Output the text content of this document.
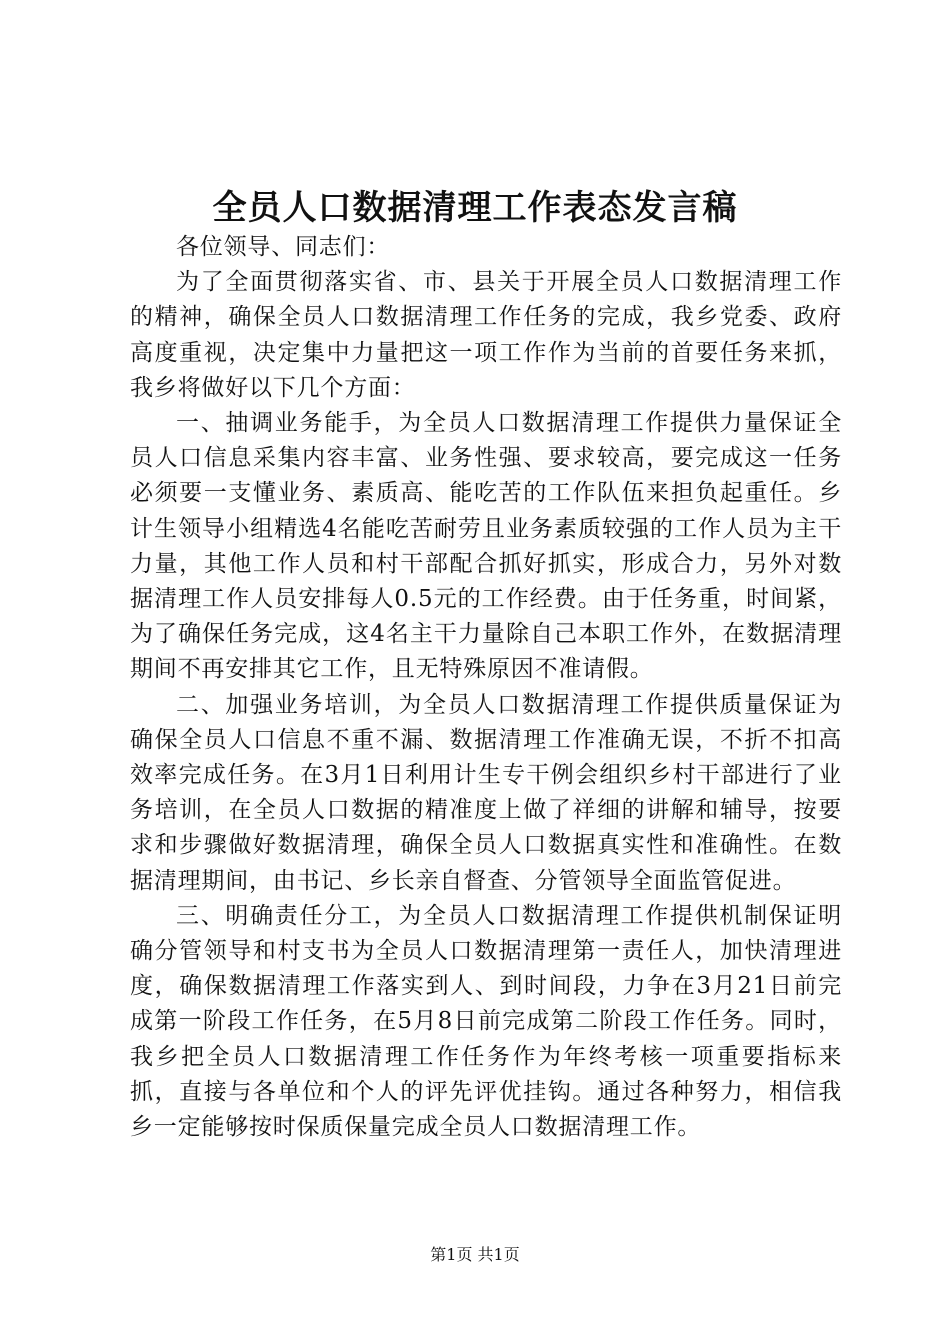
全员人口数据清理工作表态发言稿

各位领导、同志们：

为了全面贯彻落实省、市、县关于开展全员人口数据清理工作的精神，确保全员人口数据清理工作任务的完成，我乡党委、政府高度重视，决定集中力量把这一项工作作为当前的首要任务来抓，我乡将做好以下几个方面：

一、抽调业务能手，为全员人口数据清理工作提供力量保证全员人口信息采集内容丰富、业务性强、要求较高，要完成这一任务必须要一支懂业务、素质高、能吃苦的工作队伍来担负起重任。乡计生领导小组精选4名能吃苦耐劳且业务素质较强的工作人员为主干力量，其他工作人员和村干部配合抓好抓实，形成合力，另外对数据清理工作人员安排每人0.5元的工作经费。由于任务重，时间紧，为了确保任务完成，这4名主干力量除自己本职工作外，在数据清理期间不再安排其它工作，且无特殊原因不准请假。

二、加强业务培训，为全员人口数据清理工作提供质量保证为确保全员人口信息不重不漏、数据清理工作准确无误，不折不扣高效率完成任务。在3月1日利用计生专干例会组织乡村干部进行了业务培训，在全员人口数据的精准度上做了祥细的讲解和辅导，按要求和步骤做好数据清理，确保全员人口数据真实性和准确性。在数据清理期间，由书记、乡长亲自督查、分管领导全面监管促进。

三、明确责任分工，为全员人口数据清理工作提供机制保证明确分管领导和村支书为全员人口数据清理第一责任人，加快清理进度，确保数据清理工作落实到人、到时间段，力争在3月21日前完成第一阶段工作任务，在5月8日前完成第二阶段工作任务。同时，我乡把全员人口数据清理工作任务作为年终考核一项重要指标来抓，直接与各单位和个人的评先评优挂钩。通过各种努力，相信我乡一定能够按时保质保量完成全员人口数据清理工作。

第1页 共1页
